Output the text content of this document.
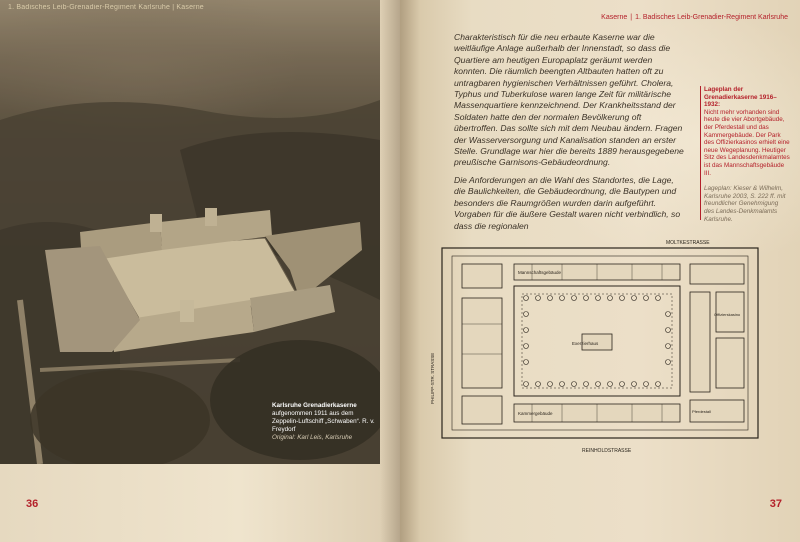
1. Badisches Leib-Grenadier-Regiment Karlsruhe | Kaserne
Karlsruhe Grenadierkaserne
aufgenommen 1911 aus dem Zeppelin-Luftschiff „Schwaben“. R. v. Freydorf
Original: Karl Leis, Karlsruhe
36
Kaserne | 1. Badisches Leib-Grenadier-Regiment Karlsruhe

Charakteristisch für die neu erbaute Kaserne war die weitläufige Anlage außerhalb der Innenstadt, so dass die Quartiere am heutigen Europaplatz geräumt werden konnten. Die räumlich beengten Altbauten hatten oft zu untragbaren hygienischen Verhältnissen geführt. Cholera, Typhus und Tuberkulose waren lange Zeit für militärische Massenquartiere kennzeichnend. Der Krankheitsstand der Soldaten hatte den der normalen Bevölkerung oft übertroffen. Das sollte sich mit dem Neubau ändern. Fragen der Wasserversorgung und Kanalisation standen an erster Stelle. Grundlage war hier die bereits 1889 herausgegebene preußische Garnisons-Gebäudeordnung.

Die Anforderungen an die Wahl des Standortes, die Lage, die Baulichkeiten, die Gebäudeordnung, die Bautypen und besonders die Raumgrößen wurden darin aufgeführt. Vorgaben für die äußere Gestalt waren nicht verbindlich, so dass die regionalen

Lageplan der Grenadierkaserne 1916–1932:
Nicht mehr vorhanden sind heute die vier Abortgebäude, der Pferdestall und das Kammergebäude. Der Park des Offizierkasinos erhielt eine neue Wegeplanung. Heutiger Sitz des Landesdenkmalamtes ist das Mannschaftsgebäude III.
Lageplan: Kieser & Wilhelm, Karlsruhe 2003, S. 222 ff. mit freundlicher Genehmigung des Landes-Denkmalamts Karlsruhe.
MOLTKESTRASSE
REINHOLDSTRASSE
PHILIPP-STR. STRASSE
Mannschaftsgebäude
Kammergebäude
Exerzierhaus
Offizierskasino
Pferdestall
37
